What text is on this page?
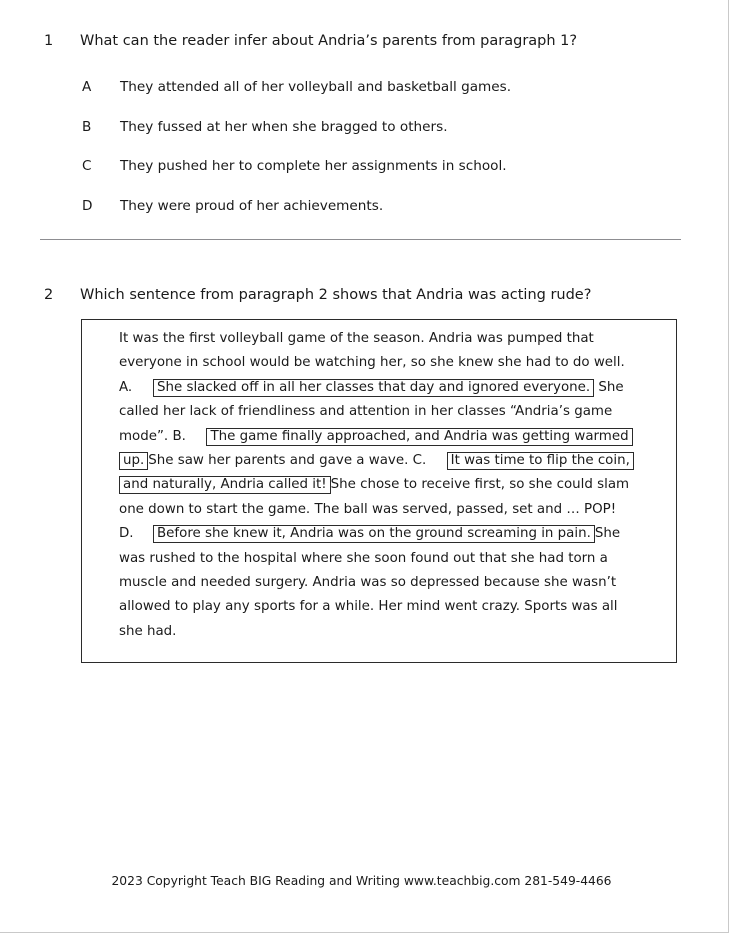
1	What can the reader infer about Andria’s parents from paragraph 1?
A	They attended all of her volleyball and basketball games.
B	They fussed at her when she bragged to others.
C	They pushed her to complete her assignments in school.
D	They were proud of her achievements.
2	Which sentence from paragraph 2 shows that Andria was acting rude?

It was the first volleyball game of the season. Andria was pumped that everyone in school would be watching her, so she knew she had to do well.
A. She slacked off in all her classes that day and ignored everyone. She called her lack of friendliness and attention in her classes “Andria’s game mode”. B. The game finally approached, and Andria was getting warmed up. She saw her parents and gave a wave. C. It was time to flip the coin, and naturally, Andria called it! She chose to receive first, so she could slam one down to start the game. The ball was served, passed, set and … POP!
D. Before she knew it, Andria was on the ground screaming in pain. She was rushed to the hospital where she soon found out that she had torn a muscle and needed surgery. Andria was so depressed because she wasn’t allowed to play any sports for a while. Her mind went crazy. Sports was all she had.

2023 Copyright Teach BIG Reading and Writing www.teachbig.com 281-549-4466
